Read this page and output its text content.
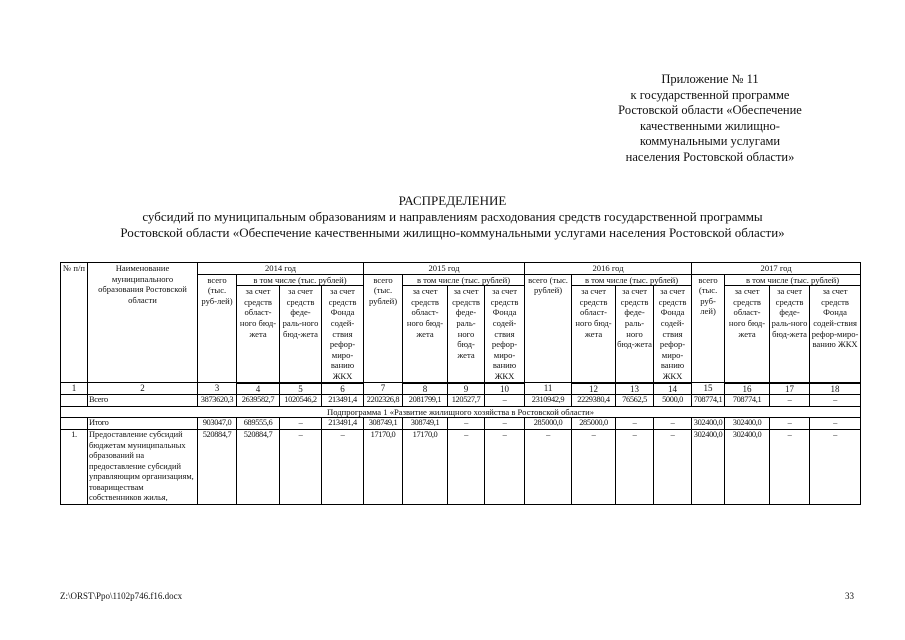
Приложение № 11
к государственной программе
Ростовской области «Обеспечение
качественными жилищно-
коммунальными услугами
населения Ростовской области»
РАСПРЕДЕЛЕНИЕ
субсидий по муниципальным образованиям и направлениям расходования средств государственной программы
Ростовской области «Обеспечение качественными жилищно-коммунальными услугами населения Ростовской области»
№ п/п	Наименование муниципального образования Ростовской области	2014 год				2015 год				2016 год				2017 год			
		всего (тыс. руб-лей)	в том числе (тыс. рублей)			всего (тыс. рублей)	в том числе (тыс. рублей)			всего (тыс. рублей)	в том числе (тыс. рублей)			всего (тыс. руб-лей)	в том числе (тыс. рублей)		
			за счет средств област-ного бюд-жета	за счет средств феде-раль-ного бюд-жета	за счет средств Фонда содей-ствия рефор-миро-ванию ЖКХ		за счет средств област-ного бюд-жета	за счет средств феде-раль-ного бюд-жета	за счет средств Фонда содей-ствия рефор-миро-ванию ЖКХ		за счет средств област-ного бюд-жета	за счет средств феде-раль-ного бюд-жета	за счет средств Фонда содей-ствия рефор-миро-ванию ЖКХ		за счет средств област-ного бюд-жета	за счет средств феде-раль-ного бюд-жета	за счет средств Фонда содей-ствия рефор-миро-ванию ЖКХ
1	2	3	4	5	6	7	8	9	10	11	12	13	14	15	16	17	18
	Всего	3873620,3	2639582,7	1020546,2	213491,4	2202326,8	2081799,1	120527,7	–	2310942,9	2229380,4	76562,5	5000,0	708774,1	708774,1	–	–
Подпрограмма 1 «Развитие жилищного хозяйства в Ростовской области»																	
	Итого	903047,0	689555,6	–	213491,4	308749,1	308749,1	–	–	285000,0	285000,0	–	–	302400,0	302400,0	–	–
1.	Предоставление субсидий бюджетам муниципальных образований на предоставление субсидий управляющим организациям, товариществам собственников жилья,	520884,7	520884,7	–	–	17170,0	17170,0	–	–	–	–	–	–	302400,0	302400,0	–	–
Z:\ORST\Ppo\1102p746.f16.docx	33
